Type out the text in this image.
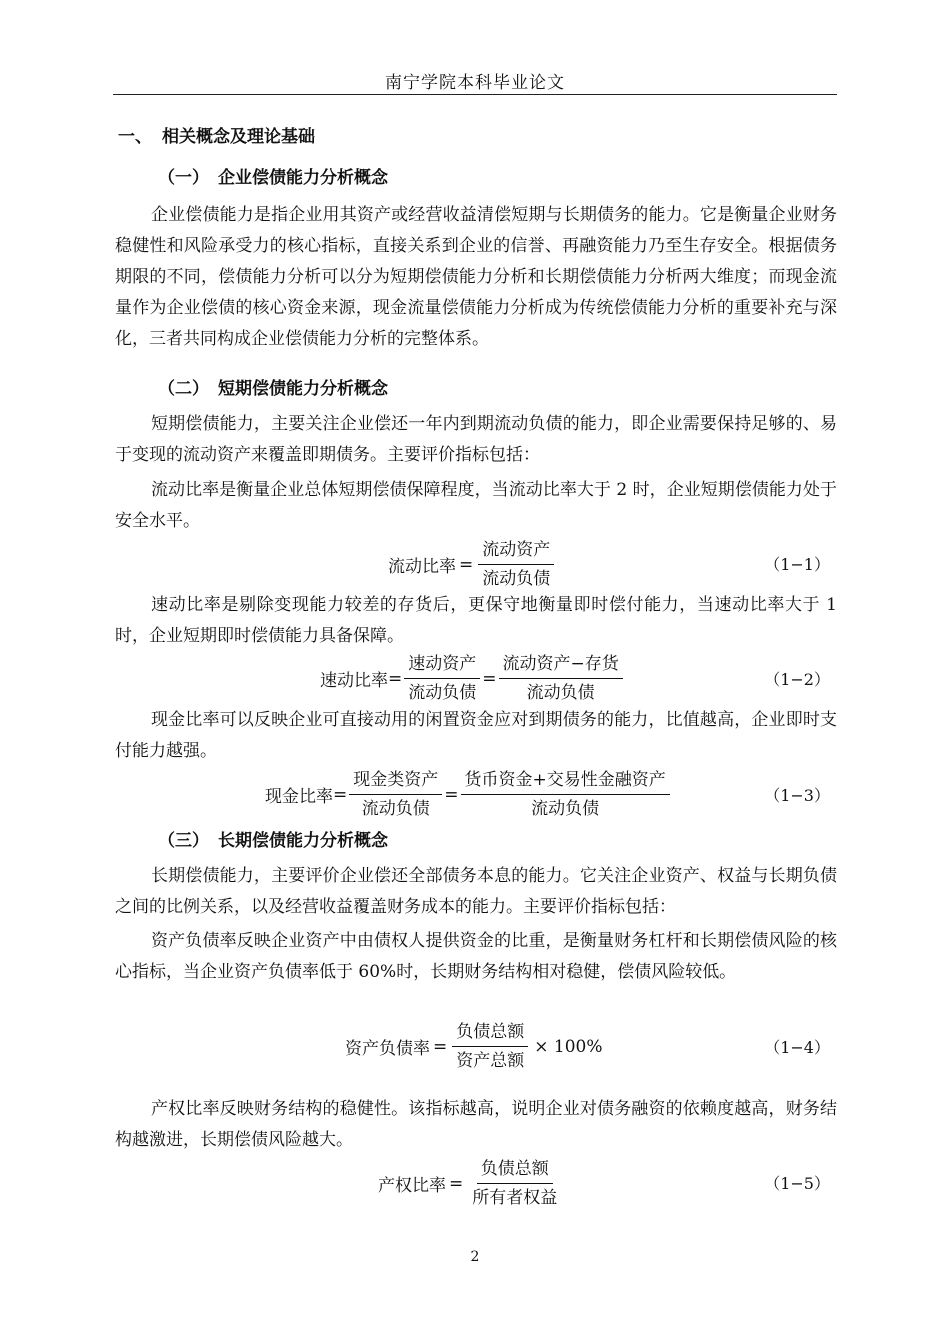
南宁学院本科毕业论文
一、 相关概念及理论基础
（一） 企业偿债能力分析概念

企业偿债能力是指企业用其资产或经营收益清偿短期与长期债务的能力。它是衡量企业财务稳健性和风险承受力的核心指标，直接关系到企业的信誉、再融资能力乃至生存安全。根据债务期限的不同，偿债能力分析可以分为短期偿债能力分析和长期偿债能力分析两大维度；而现金流量作为企业偿债的核心资金来源，现金流量偿债能力分析成为传统偿债能力分析的重要补充与深化，三者共同构成企业偿债能力分析的完整体系。

（二） 短期偿债能力分析概念

短期偿债能力，主要关注企业偿还一年内到期流动负债的能力，即企业需要保持足够的、易于变现的流动资产来覆盖即期债务。主要评价指标包括：

流动比率是衡量企业总体短期偿债保障程度，当流动比率大于 2 时，企业短期偿债能力处于安全水平。

流动比率 = $\frac{\text{流动资产}}{\text{流动负债}}$	（1−1）

速动比率是剔除变现能力较差的存货后，更保守地衡量即时偿付能力，当速动比率大于 1 时，企业短期即时偿债能力具备保障。

速动比率 = $\frac{\text{速动资产}}{\text{流动负债}} = \frac{\text{流动资产−存货}}{\text{流动负债}}$	（1−2）

现金比率可以反映企业可直接动用的闲置资金应对到期债务的能力，比值越高，企业即时支付能力越强。

现金比率 = $\frac{\text{现金类资产}}{\text{流动负债}} = \frac{\text{货币资金+交易性金融资产}}{\text{流动负债}}$	（1−3）
（三） 长期偿债能力分析概念

长期偿债能力，主要评价企业偿还全部债务本息的能力。它关注企业资产、权益与长期负债之间的比例关系，以及经营收益覆盖财务成本的能力。主要评价指标包括：

资产负债率反映企业资产中由债权人提供资金的比重，是衡量财务杠杆和长期偿债风险的核心指标，当企业资产负债率低于 60%时，长期财务结构相对稳健，偿债风险较低。

资产负债率 = $\frac{\text{负债总额}}{\text{资产总额}} \times 100\%$	（1−4）

产权比率反映财务结构的稳健性。该指标越高，说明企业对债务融资的依赖度越高，财务结构越激进，长期偿债风险越大。

产权比率 = $\frac{\text{负债总额}}{\text{所有者权益}}$	（1−5）
2
